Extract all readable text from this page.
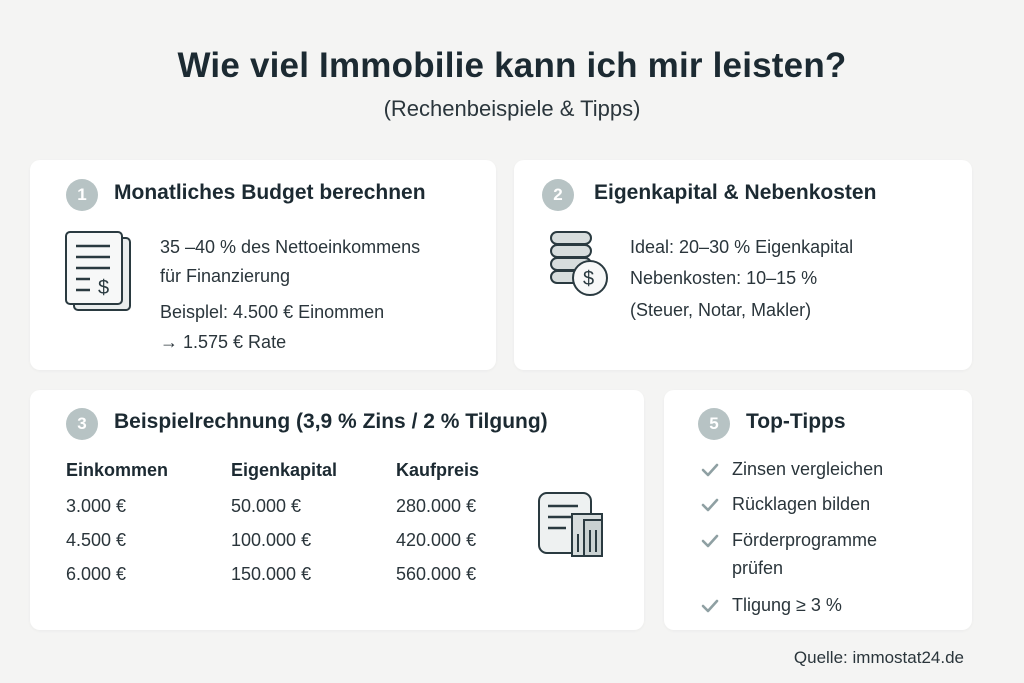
Wie viel Immobilie kann ich mir leisten?
(Rechenbeispiele & Tipps)
1	Monatliches Budget berechnen
$
35 –40 % des Nettoeinkommens
für Finanzierung
Beisplel: 4.500 € Einommen
→ 1.575 € Rate
2	Eigenkapital & Nebenkosten
$
Ideal: 20–30 % Eigenkapital
Nebenkosten: 10–15 %
(Steuer, Notar, Makler)
3	Beispielrechnung (3,9 % Zins / 2 % Tilgung)
Einkommen	Eigenkapital	Kaufpreis
3.000 €	50.000 €	280.000 €
4.500 €	100.000 €	420.000 €
6.000 €	150.000 €	560.000 €
5	Top-Tipps
Zinsen vergleichen
Rücklagen bilden
Förderprogramme
prüfen
Tligung ≥ 3 %
Quelle: immostat24.de
